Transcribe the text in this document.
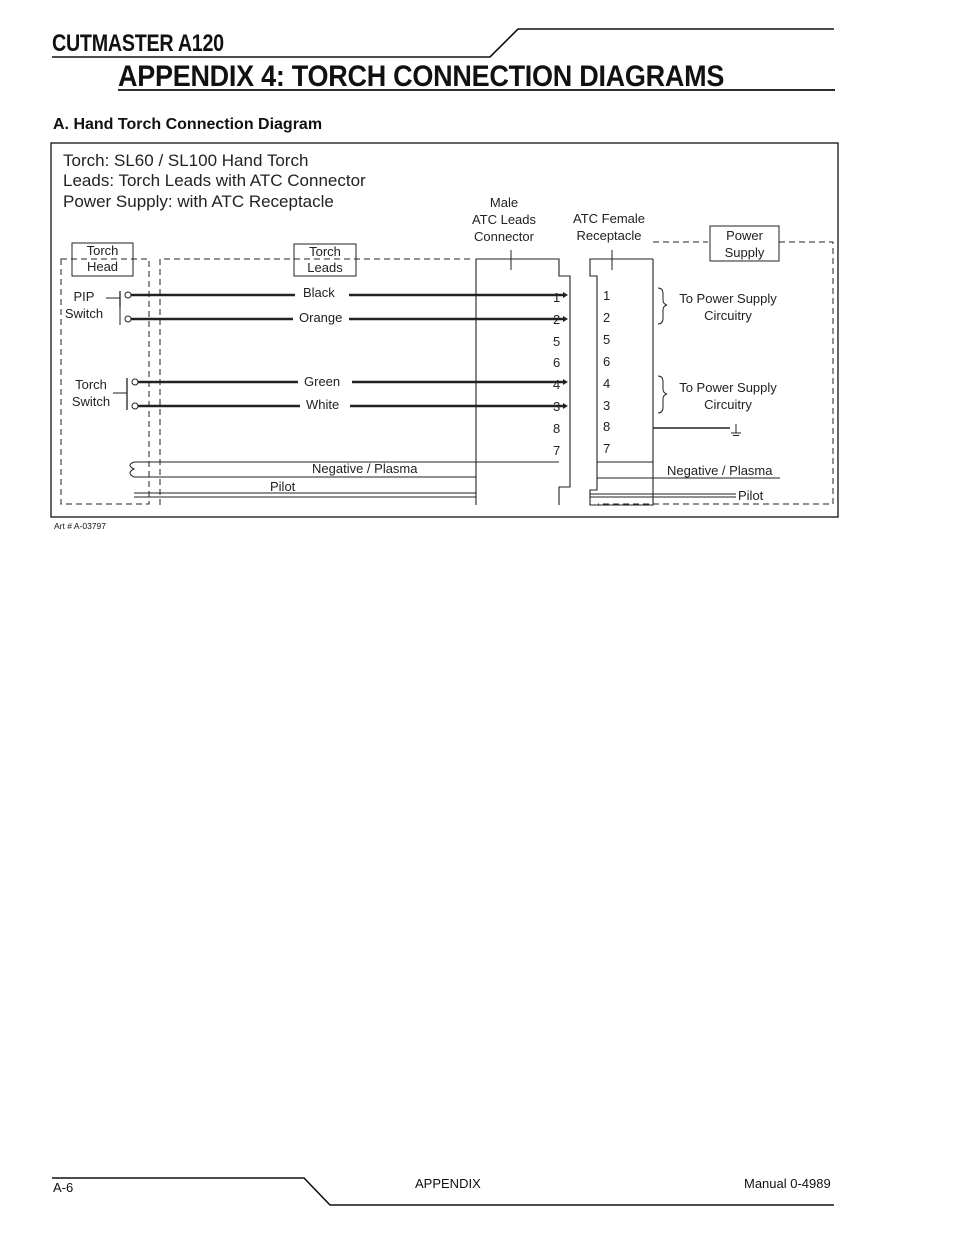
CUTMASTER A120
APPENDIX 4: TORCH CONNECTION DIAGRAMS
A. Hand Torch Connection Diagram
Torch: SL60 / SL100 Hand Torch
Leads: Torch Leads with ATC Connector
Power Supply: with ATC Receptacle
Torch
Head
Torch
Leads
Power
Supply
Male
ATC Leads
Connector
ATC Female
Receptacle
PIP
Switch
Torch
Switch
Black
Orange
Green
White
Negative / Plasma
Pilot
Negative / Plasma
Pilot
1
2
5
6
4
3
8
7
1
2
5
6
4
3
8
7
To Power Supply
Circuitry
To Power Supply
Circuitry
Art # A-03797
A-6	APPENDIX	Manual 0-4989
